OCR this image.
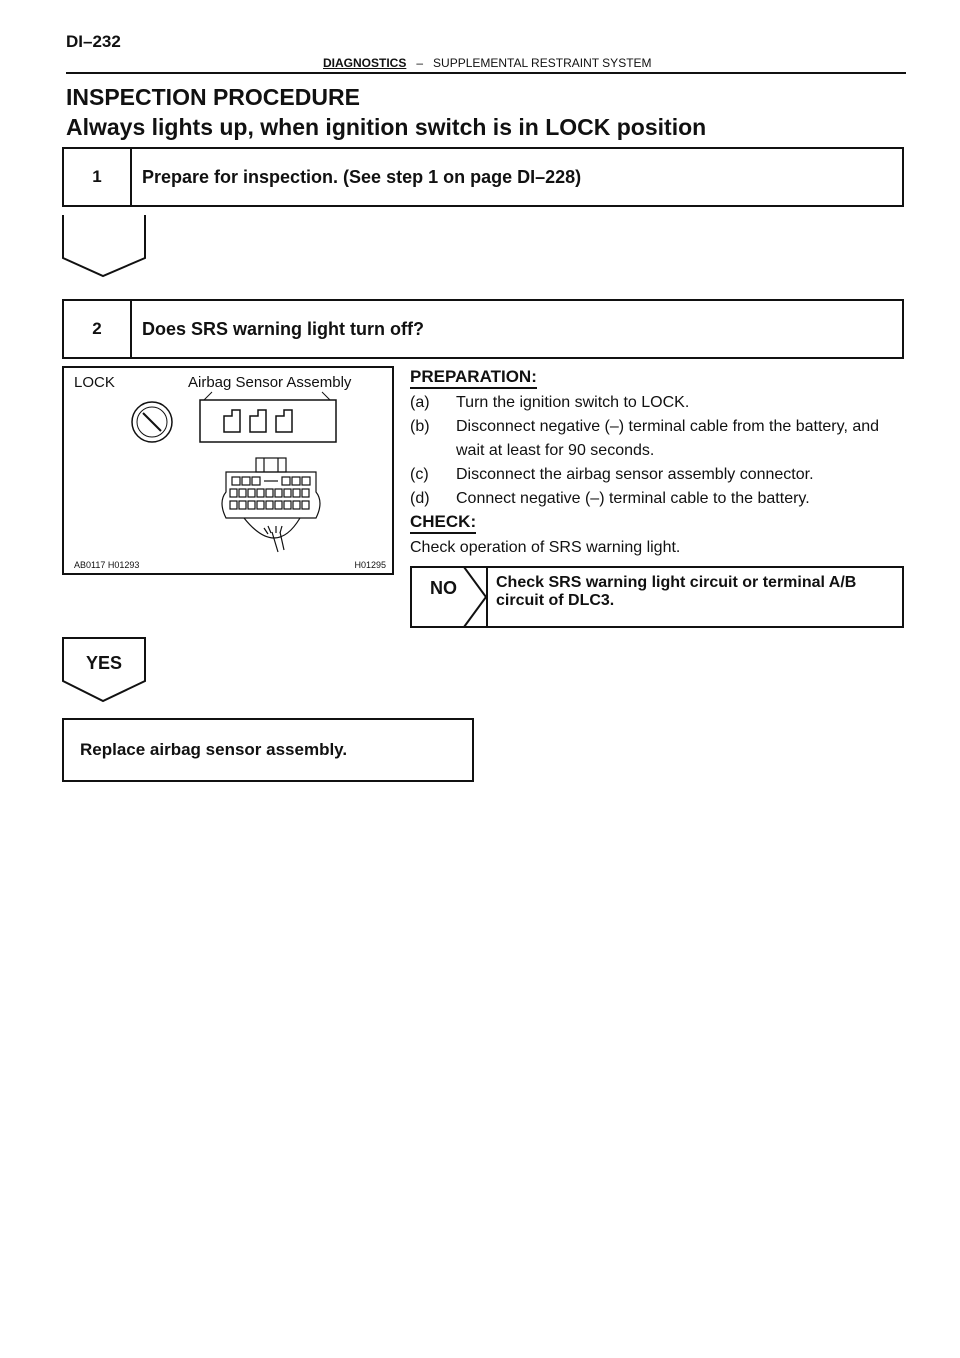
DI–232
DIAGNOSTICS – SUPPLEMENTAL RESTRAINT SYSTEM
INSPECTION PROCEDURE
Always lights up, when ignition switch is in LOCK position
1	Prepare for inspection. (See step 1 on page DI–228)
2	Does SRS warning light turn off?
LOCK	Airbag Sensor Assembly
AB0117 H01293	H01295
PREPARATION:
(a)	Turn the ignition switch to LOCK.
(b)	Disconnect negative (–) terminal cable from the battery, and wait at least for 90 seconds.
(c)	Disconnect the airbag sensor assembly connector.
(d)	Connect negative (–) terminal cable to the battery.
CHECK:
Check operation of SRS warning light.
NO Check SRS warning light circuit or terminal A/B circuit of DLC3.
YES
Replace airbag sensor assembly.
